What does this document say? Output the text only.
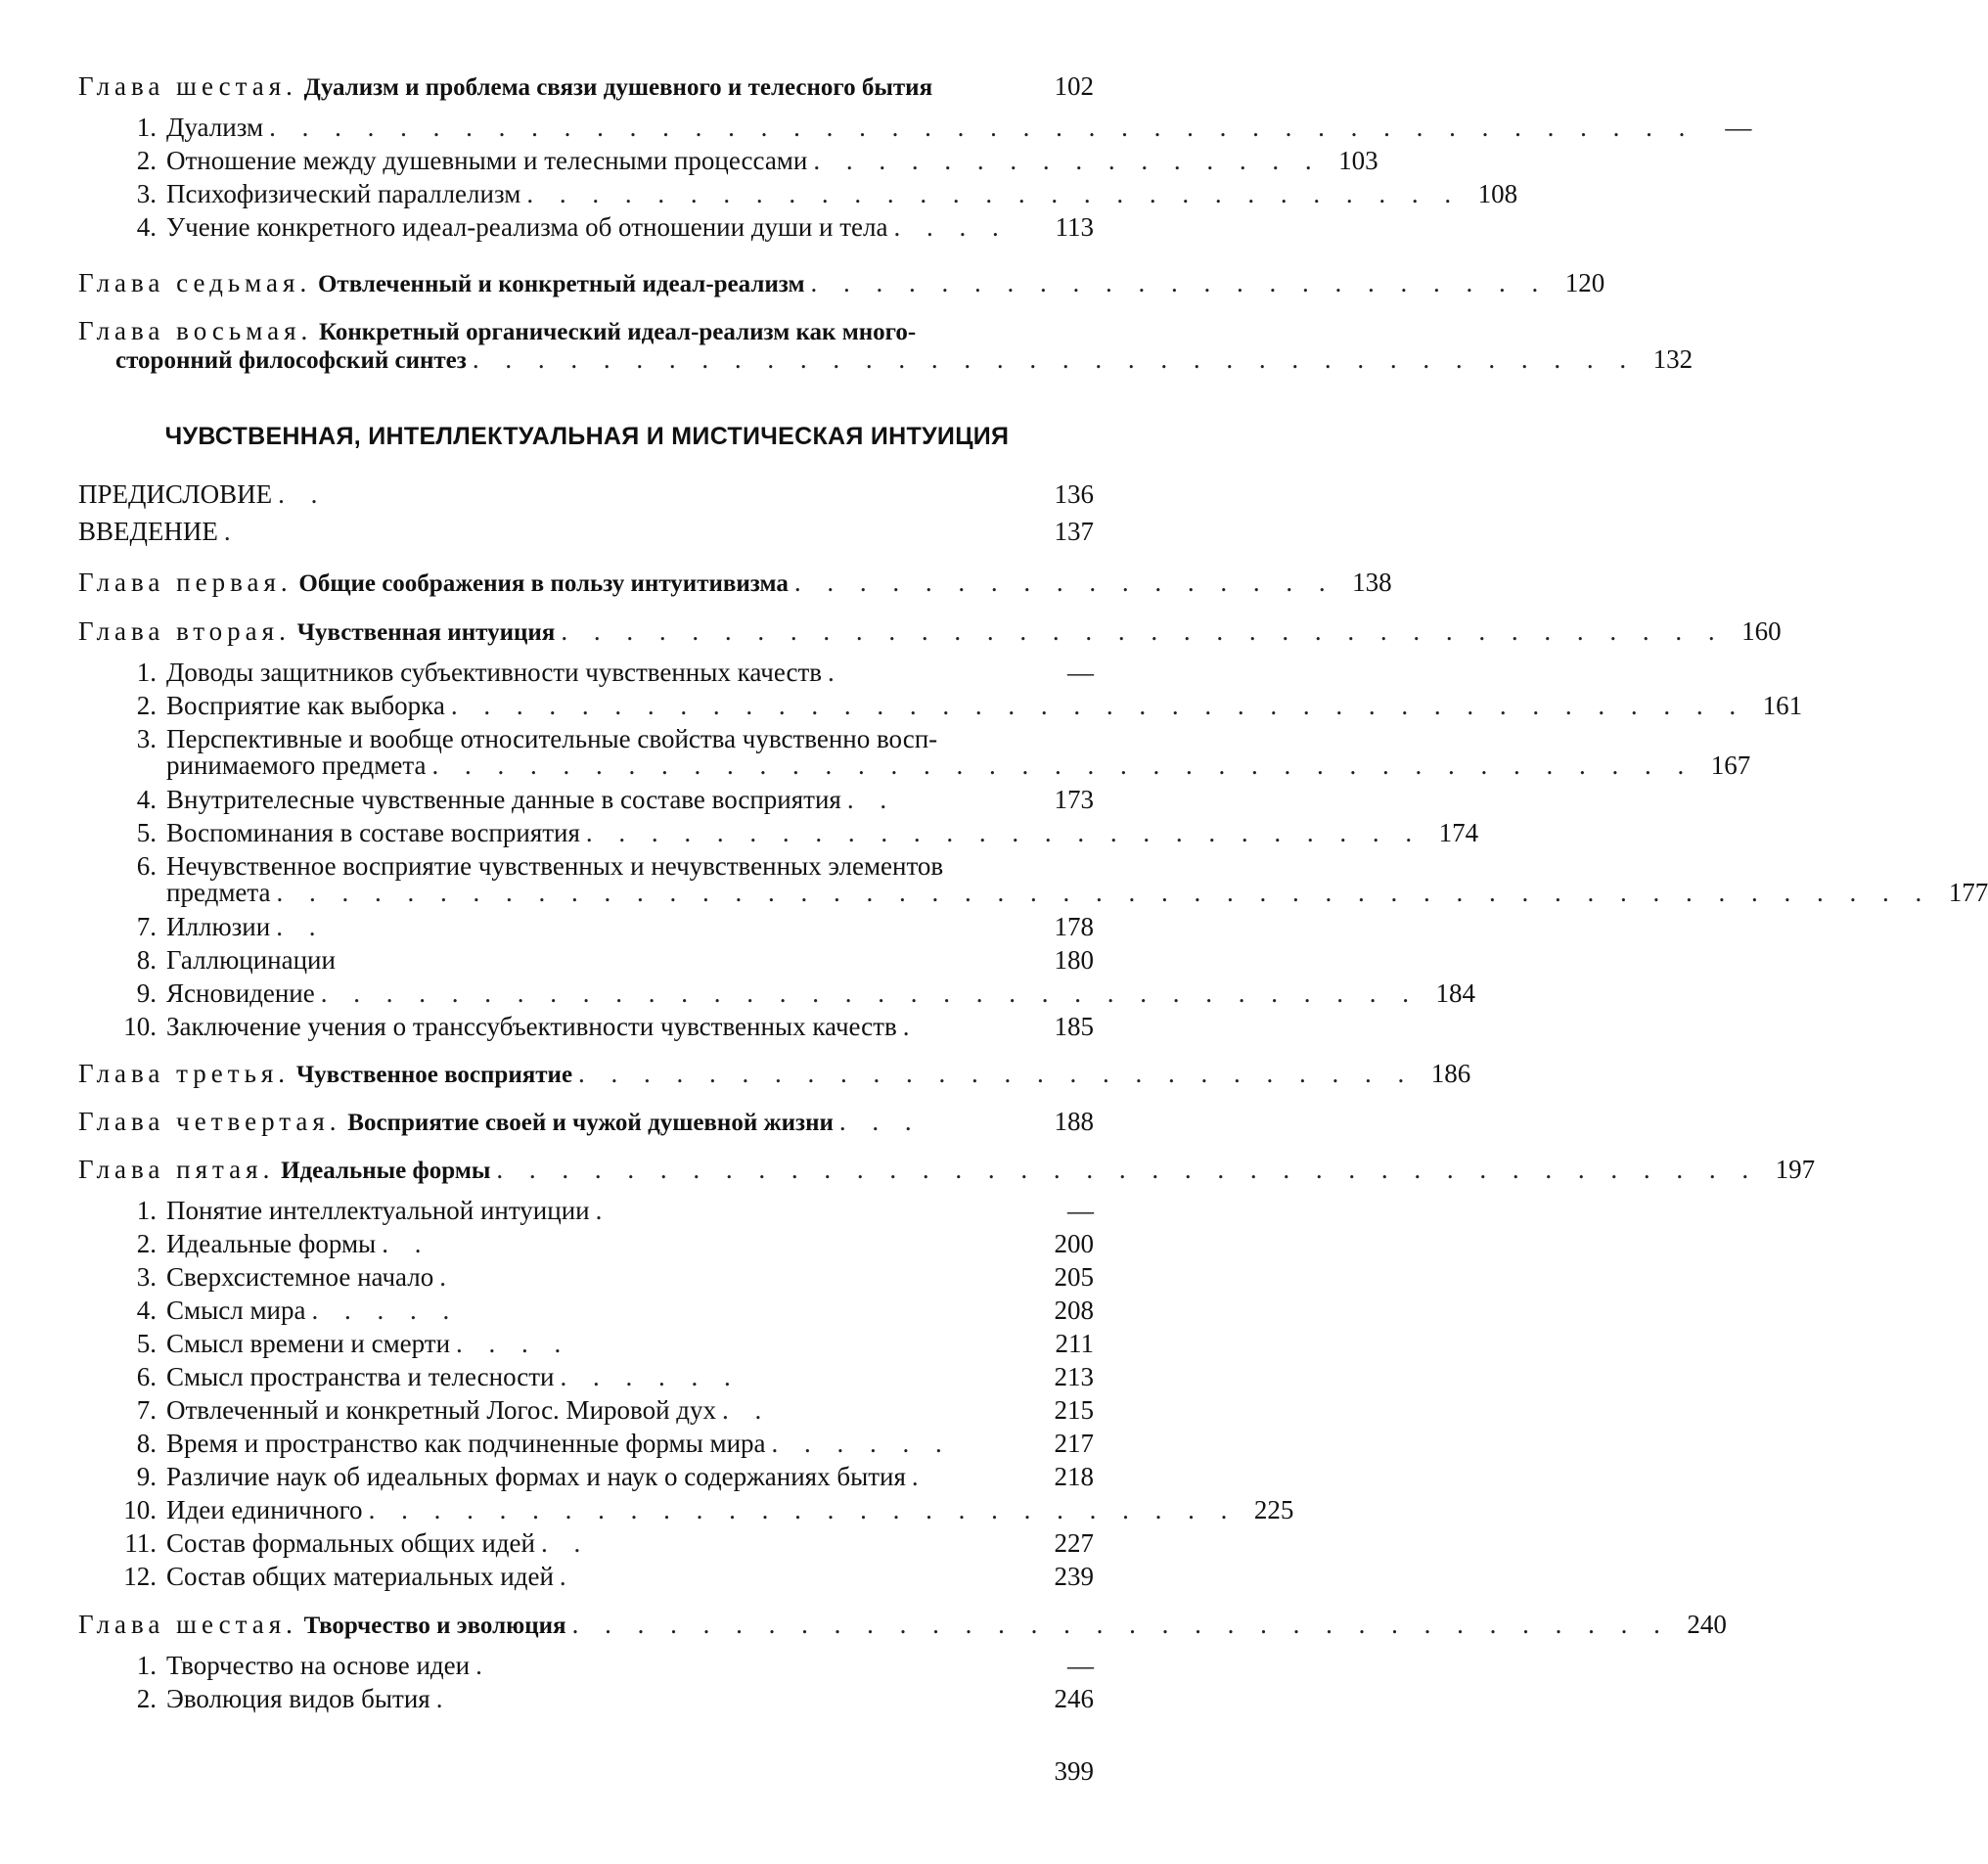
Глава шестая. Дуализм и проблема связи душевного и телесного бытия	102
1. Дуализм . . . . . . . . . . . . . . . . . . . . . . . . . . . . . . . . . . . . . . . . . . . .	—
2. Отношение между душевными и телесными процессами . . . . . . . . . . . . . . . . 103
3. Психофизический параллелизм . . . . . . . . . . . . . . . . . . . . . . . . . . . . . 108
4. Учение конкретного идеал-реализма об отношении души и тела . . . .	113
Глава седьмая. Отвлеченный и конкретный идеал-реализм . . . . . . . . . . . . . . . . . . . . . . . 120
Глава восьмая. Конкретный органический идеал-реализм как много-
сторонний философский синтез . . . . . . . . . . . . . . . . . . . . . . . . . . . . . . . . . . . . 132
ЧУВСТВЕННАЯ, ИНТЕЛЛЕКТУАЛЬНАЯ И МИСТИЧЕСКАЯ ИНТУИЦИЯ
ПРЕДИСЛОВИЕ . .	136
ВВЕДЕНИЕ .	137
Глава первая. Общие соображения в пользу интуитивизма . . . . . . . . . . . . . . . . . 138
Глава вторая. Чувственная интуиция . . . . . . . . . . . . . . . . . . . . . . . . . . . . . . . . . . . . 160
1. Доводы защитников субъективности чувственных качеств .	—
2. Восприятие как выборка . . . . . . . . . . . . . . . . . . . . . . . . . . . . . . . . . . . . . . . . 161
3. Перспективные и вообще относительные свойства чувственно восп-
ринимаемого предмета . . . . . . . . . . . . . . . . . . . . . . . . . . . . . . . . . . . . . . . 167
4. Внутрителесные чувственные данные в составе восприятия . .	173
5. Воспоминания в составе восприятия . . . . . . . . . . . . . . . . . . . . . . . . . . 174
6. Нечувственное восприятие чувственных и нечувственных элементов
предмета . . . . . . . . . . . . . . . . . . . . . . . . . . . . . . . . . . . . . . . . . . . . . . . . . . . 177
7. Иллюзии . .	178
8. Галлюцинации	180
9. Ясновидение . . . . . . . . . . . . . . . . . . . . . . . . . . . . . . . . . . 184
10. Заключение учения о транссубъективности чувственных качеств .	185
Глава третья. Чувственное восприятие . . . . . . . . . . . . . . . . . . . . . . . . . . 186
Глава четвертая. Восприятие своей и чужой душевной жизни . . .	188
Глава пятая. Идеальные формы . . . . . . . . . . . . . . . . . . . . . . . . . . . . . . . . . . . . . . . 197
1. Понятие интеллектуальной интуиции .	—
2. Идеальные формы . .	200
3. Сверхсистемное начало .	205
4. Смысл мира . . . . .	208
5. Смысл времени и смерти . . . .	211
6. Смысл пространства и телесности . . . . . .	213
7. Отвлеченный и конкретный Логос. Мировой дух . .	215
8. Время и пространство как подчиненные формы мира . . . . . .	217
9. Различие наук об идеальных формах и наук о содержаниях бытия .	218
10. Идеи единичного . . . . . . . . . . . . . . . . . . . . . . . . . . . 225
11. Состав формальных общих идей . .	227
12. Состав общих материальных идей .	239
Глава шестая. Творчество и эволюция . . . . . . . . . . . . . . . . . . . . . . . . . . . . . . . . . . 240
1. Творчество на основе идеи .	—
2. Эволюция видов бытия .	246
399
